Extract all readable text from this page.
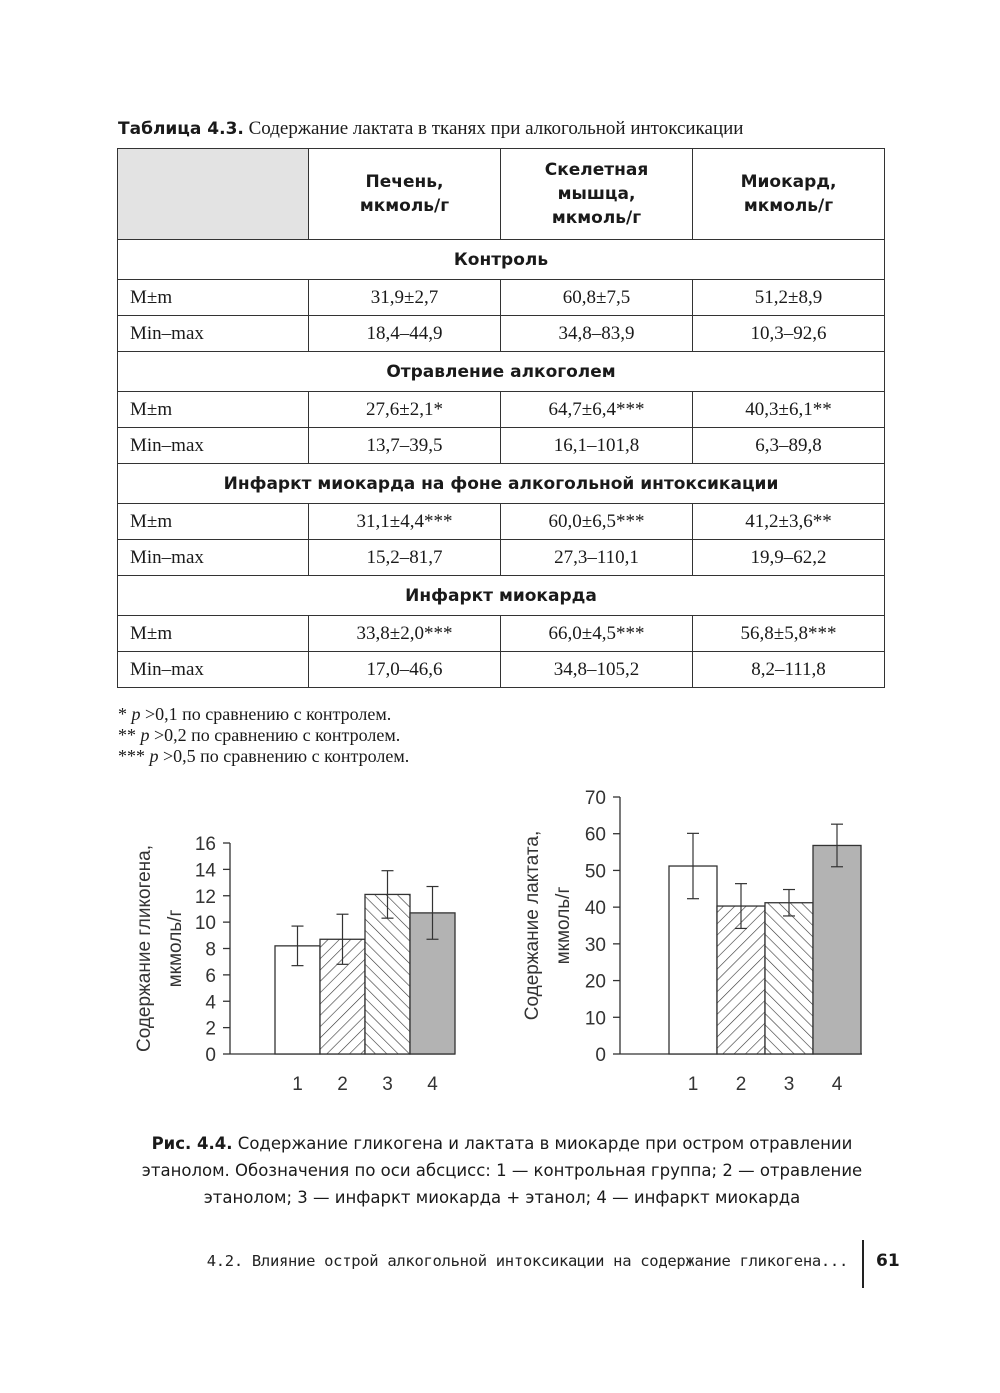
Таблица 4.3. Содержание лактата в тканях при алкогольной интоксикации
	Печень, мкмоль/г	Скелетная мышца, мкмоль/г	Миокард, мкмоль/г
Контроль			
M±m	31,9±2,7	60,8±7,5	51,2±8,9
Min–max	18,4–44,9	34,8–83,9	10,3–92,6
Отравление алкоголем			
M±m	27,6±2,1*	64,7±6,4***	40,3±6,1**
Min–max	13,7–39,5	16,1–101,8	6,3–89,8
Инфаркт миокарда на фоне алкогольной интоксикации			
M±m	31,1±4,4***	60,0±6,5***	41,2±3,6**
Min–max	15,2–81,7	27,3–110,1	19,9–62,2
Инфаркт миокарда			
M±m	33,8±2,0***	66,0±4,5***	56,8±5,8***
Min–max	17,0–46,6	34,8–105,2	8,2–111,8
* p >0,1 по сравнению с контролем.
** p >0,2 по сравнению с контролем.
*** p >0,5 по сравнению с контролем.
0
2
4
6
8
10
12
14
16
Содержание гликогена, мкмоль/г
1 2 3 4
0
10
20
30
40
50
60
70
Содержание лактата, мкмоль/г
1 2 3 4
Рис. 4.4. Содержание гликогена и лактата в миокарде при остром отравлении этанолом. Обозначения по оси абсцисс: 1 — контрольная группа; 2 — отравление этанолом; 3 — инфаркт миокарда + этанол; 4 — инфаркт миокарда
4.2. Влияние острой алкогольной интоксикации на содержание гликогена... 61
